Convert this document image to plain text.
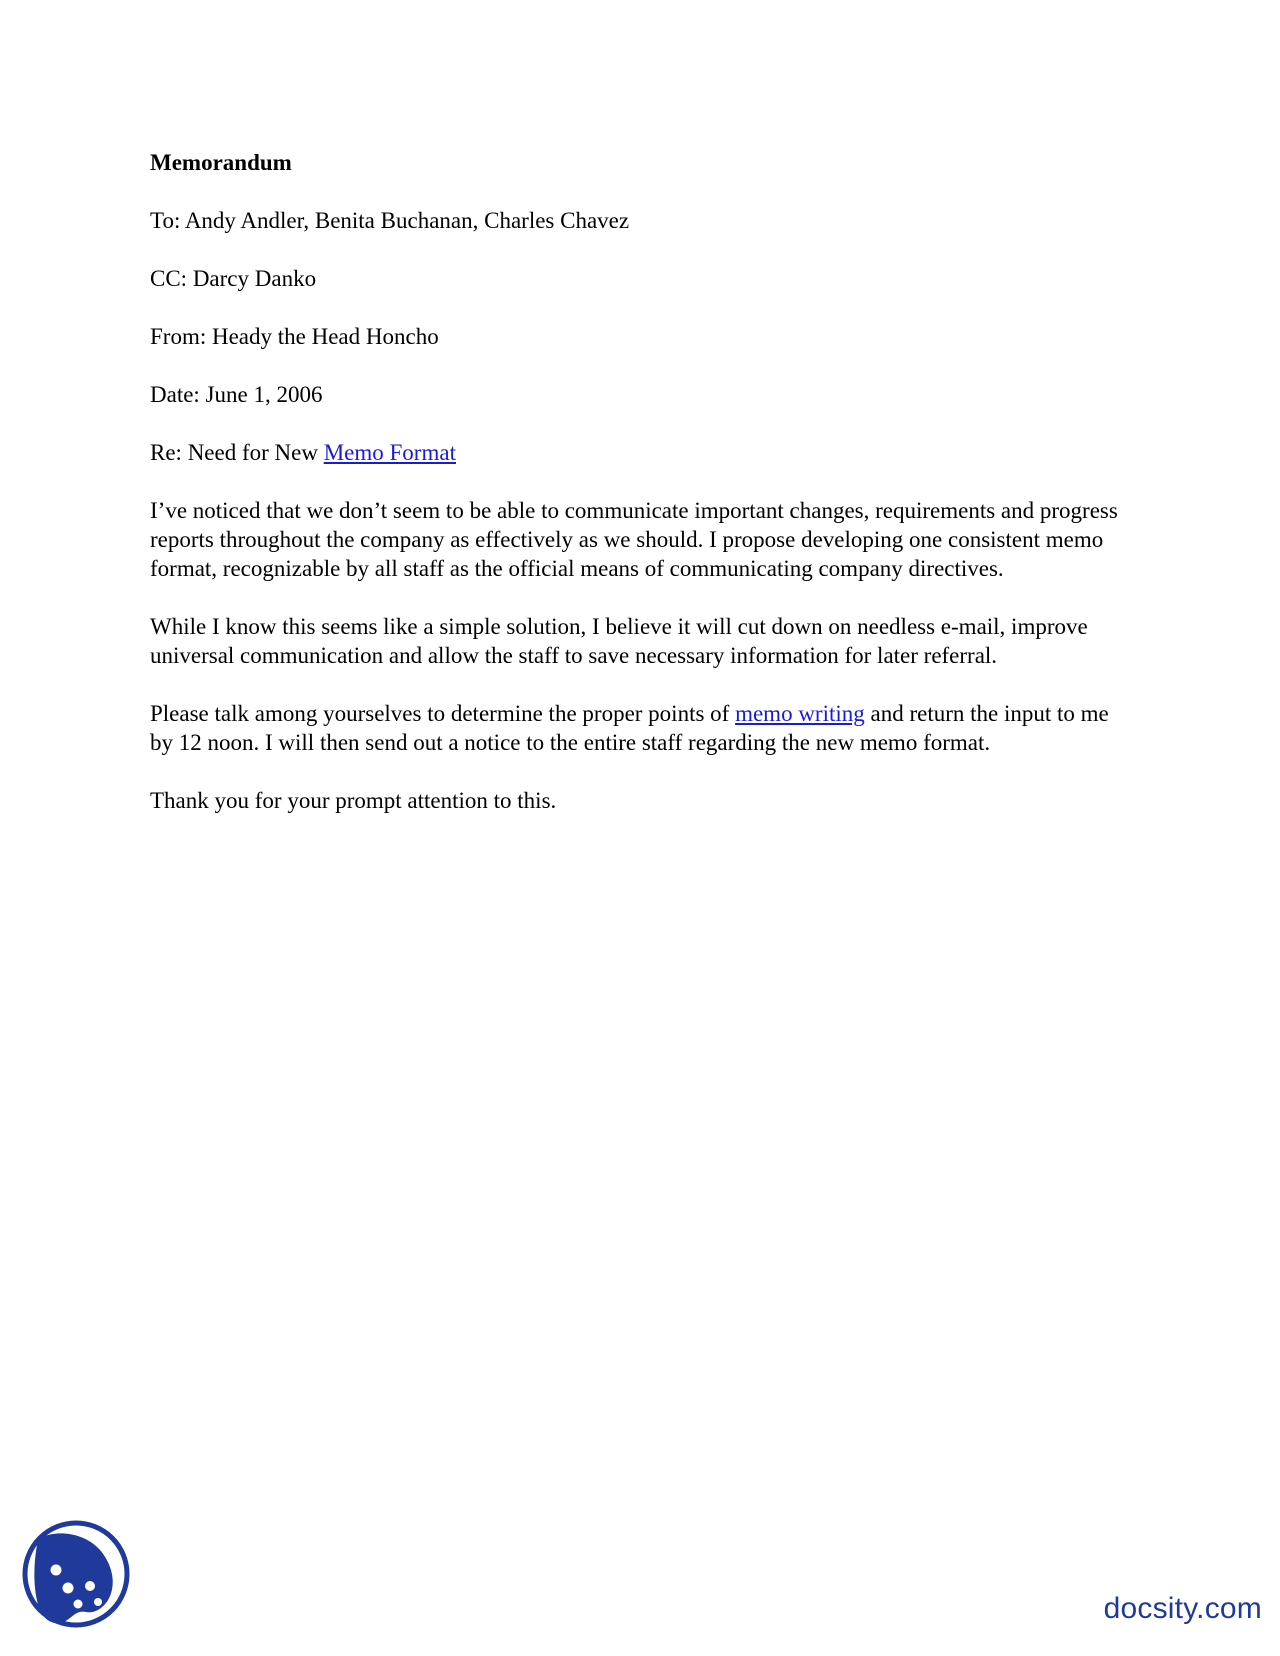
Memorandum
To: Andy Andler, Benita Buchanan, Charles Chavez
CC: Darcy Danko
From: Heady the Head Honcho
Date: June 1, 2006
Re: Need for New Memo Format
I’ve noticed that we don’t seem to be able to communicate important changes, requirements and progress reports throughout the company as effectively as we should. I propose developing one consistent memo format, recognizable by all staff as the official means of communicating company directives.
While I know this seems like a simple solution, I believe it will cut down on needless e-mail, improve universal communication and allow the staff to save necessary information for later referral.
Please talk among yourselves to determine the proper points of memo writing and return the input to me by 12 noon. I will then send out a notice to the entire staff regarding the new memo format.
Thank you for your prompt attention to this.
docsity.com
